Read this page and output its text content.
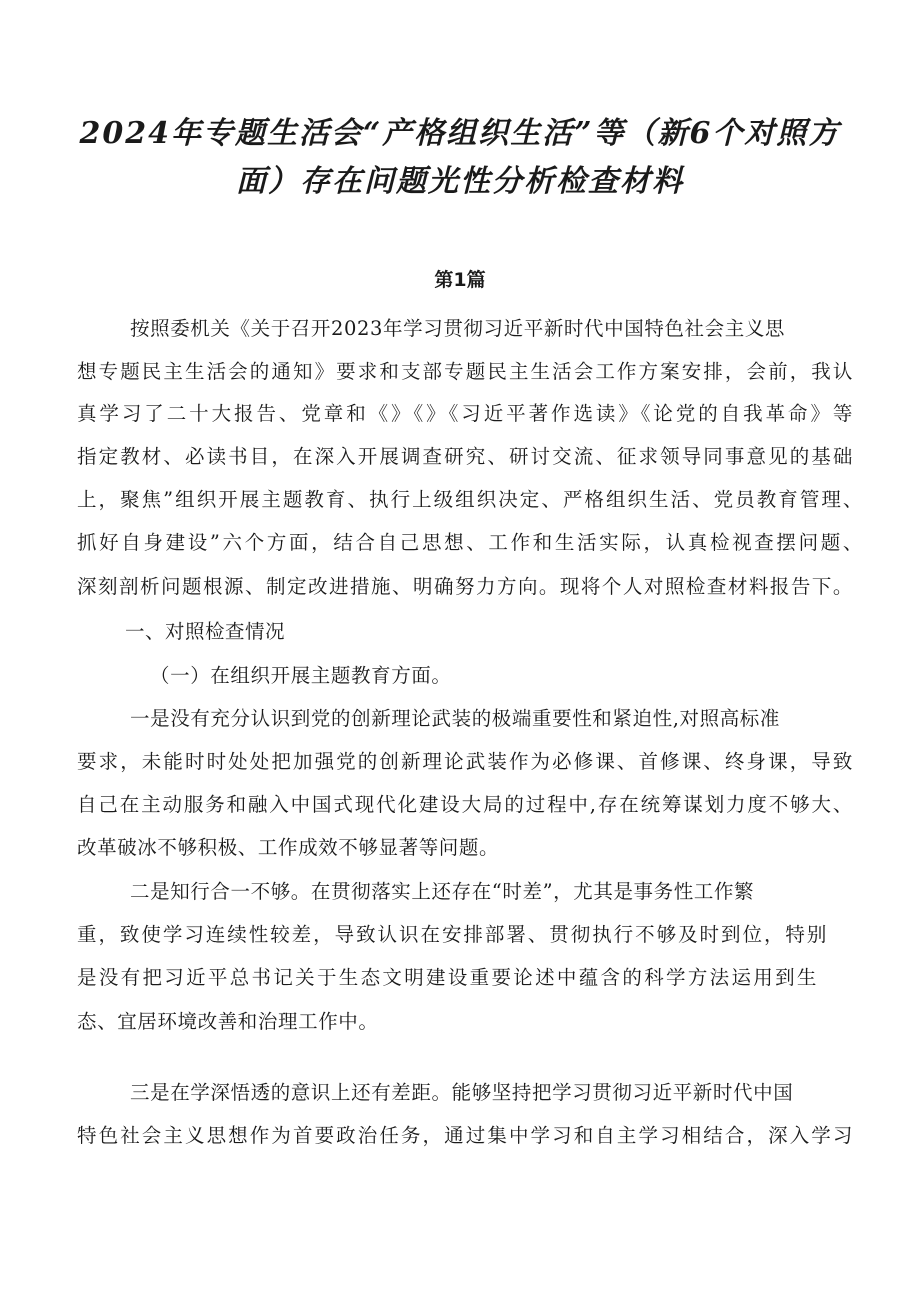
2024年专题生活会“产格组织生活”等（新6个对照方
面）存在问题光性分析检查材料
第1篇
按照委机关《关于召开2023年学习贯彻习近平新时代中国特色社会主义思
想专题民主生活会的通知》要求和支部专题民主生活会工作方案安排，会前，我认
真学习了二十大报告、党章和《》《》《习近平著作选读》《论党的自我革命》等
指定教材、必读书目，在深入开展调查研究、研讨交流、征求领导同事意见的基础
上，聚焦”组织开展主题教育、执行上级组织决定、严格组织生活、党员教育管理、
抓好自身建设”六个方面，结合自己思想、工作和生活实际，认真检视查摆问题、
深刻剖析问题根源、制定改进措施、明确努力方向。现将个人对照检查材料报告下。
一、对照检查情况
（一）在组织开展主题教育方面。
一是没有充分认识到党的创新理论武装的极端重要性和紧迫性,对照高标准
要求，未能时时处处把加强党的创新理论武装作为必修课、首修课、终身课，导致
自己在主动服务和融入中国式现代化建设大局的过程中,存在统筹谋划力度不够大、
改革破冰不够积极、工作成效不够显著等问题。
二是知行合一不够。在贯彻落实上还存在“时差”，尤其是事务性工作繁
重，致使学习连续性较差，导致认识在安排部署、贯彻执行不够及时到位，特别
是没有把习近平总书记关于生态文明建设重要论述中蕴含的科学方法运用到生
态、宜居环境改善和治理工作中。
三是在学深悟透的意识上还有差距。能够坚持把学习贯彻习近平新时代中国
特色社会主义思想作为首要政治任务，通过集中学习和自主学习相结合，深入学习
